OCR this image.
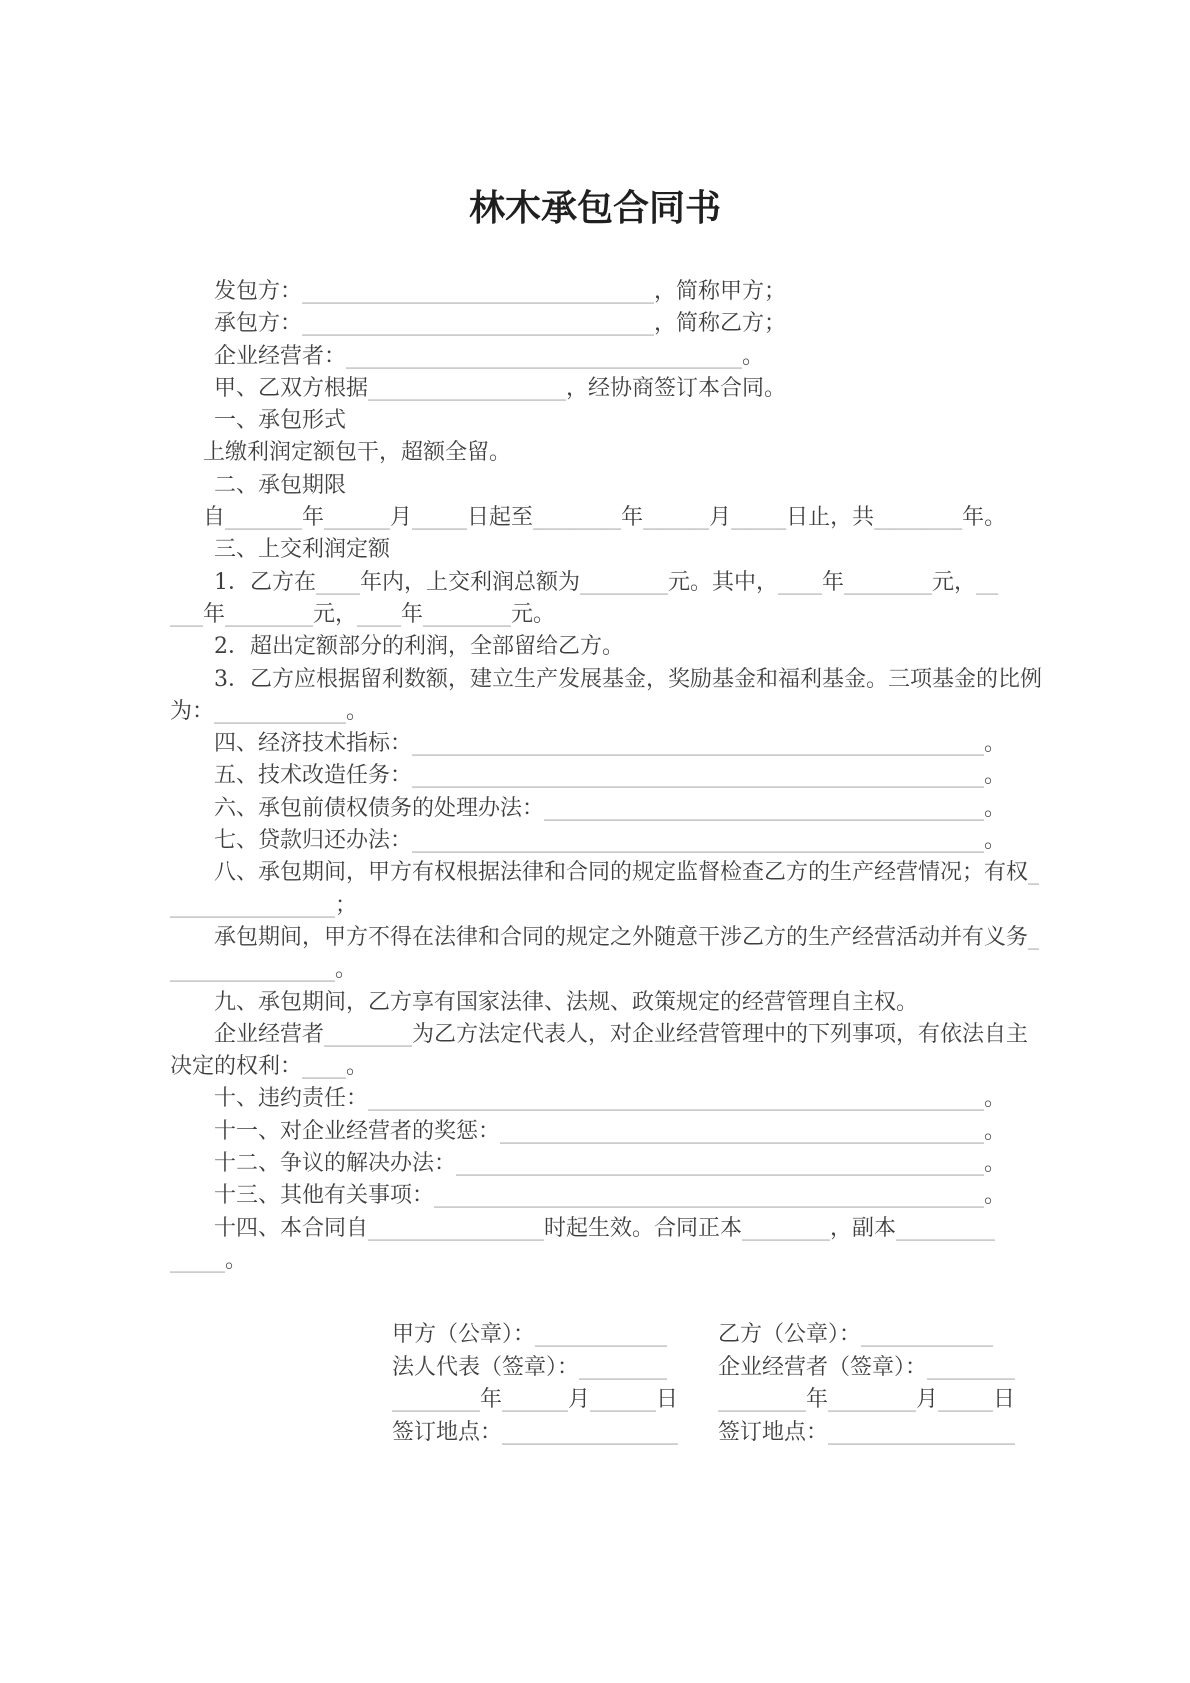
林木承包合同书
发包方：________________________________，简称甲方；
承包方：________________________________，简称乙方；
企业经营者：____________________________________。
甲、乙双方根据__________________，经协商签订本合同。
一、承包形式
上缴利润定额包干，超额全留。
二、承包期限
自_______年______月_____日起至________年______月_____日止，共________年。
三、上交利润定额
1．乙方在____年内，上交利润总额为________元。其中，____年________元，__
___年________元，____年________元。
2．超出定额部分的利润，全部留给乙方。
3．乙方应根据留利数额，建立生产发展基金，奖励基金和福利基金。三项基金的比例
为：____________。
四、经济技术指标：____________________________________________________。
五、技术改造任务：____________________________________________________。
六、承包前债权债务的处理办法：________________________________________。
七、贷款归还办法：____________________________________________________。
八、承包期间，甲方有权根据法律和合同的规定监督检查乙方的生产经营情况；有权_
_______________；
承包期间，甲方不得在法律和合同的规定之外随意干涉乙方的生产经营活动并有义务_
_______________。
九、承包期间，乙方享有国家法律、法规、政策规定的经营管理自主权。
企业经营者________为乙方法定代表人，对企业经营管理中的下列事项，有依法自主
决定的权利：____。
十、违约责任：________________________________________________________。
十一、对企业经营者的奖惩：____________________________________________。
十二、争议的解决办法：________________________________________________。
十三、其他有关事项：__________________________________________________。
十四、本合同自________________时起生效。合同正本________，副本_________
_____。
甲方（公章）：____________
法人代表（签章）：________
________年______月______日
签订地点：________________
乙方（公章）：____________
企业经营者（签章）：________
________年________月_____日
签订地点：_________________
